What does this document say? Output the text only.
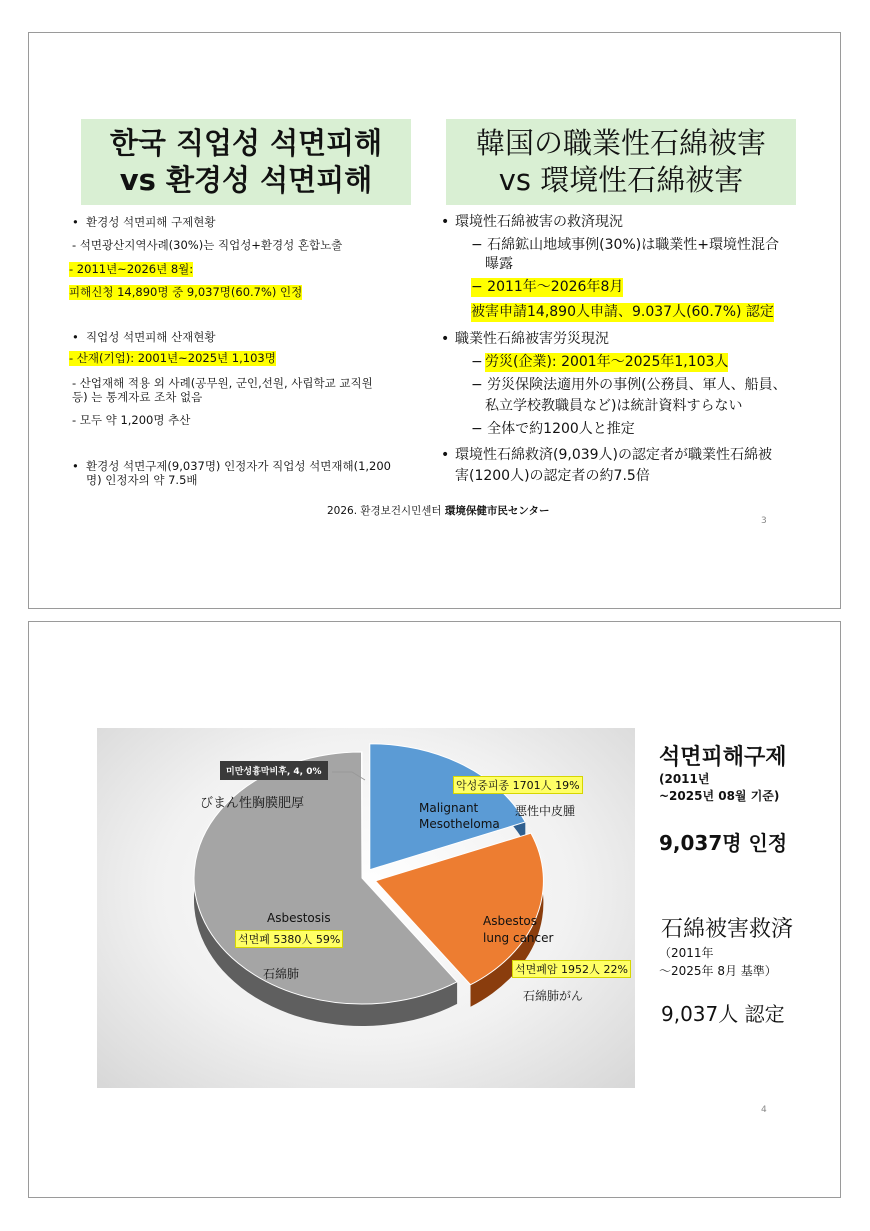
한국 직업성 석면피해
vs 환경성 석면피해
韓国の職業性石綿被害
vs 環境性石綿被害
• 환경성 석면피해 구제현황
- 석면광산지역사례(30%)는 직업성+환경성 혼합노출
- 2011년~2026년 8월:
피해신청 14,890명 중 9,037명(60.7%) 인정
• 직업성 석면피해 산재현황
- 산재(기업): 2001년~2025년 1,103명
- 산업재해 적용 외 사례(공무원, 군인,선원, 사립학교 교직원
등) 는 통계자료 조차 없음
- 모두 약 1,200명 추산
• 환경성 석면구제(9,037명) 인정자가 직업성 석면재해(1,200
명) 인정자의 약 7.5배
• 環境性石綿被害の救済現況
− 石綿鉱山地域事例(30%)は職業性+環境性混合
曝露
− 2011年～2026年8月
被害申請14,890人申請、9.037人(60.7%) 認定
• 職業性石綿被害労災現況
− 労災(企業): 2001年～2025年1,103人
− 労災保険法適用外の事例(公務員、軍人、船員、
私立学校教職員など)は統計資料すらない
− 全体で約1200人と推定
• 環境性石綿救済(9,039人)の認定者が職業性石綿被
害(1200人)の認定者の約7.5倍
2026. 환경보건시민센터 環境保健市民センター
3
미만성흉막비후, 4, 0%
びまん性胸膜肥厚
악성중피종 1701人 19%
Malignant
Mesotheloma
悪性中皮腫
Asbestos
lung cancer
석면폐암 1952人 22%
石綿肺がん
Asbestosis
석면폐 5380人 59%
石綿肺
석면피해구제
(2011년
~2025년 08월 기준)
9,037명 인정
石綿被害救済
（2011年
～2025年 8月 基準）
9,037人 認定
4
